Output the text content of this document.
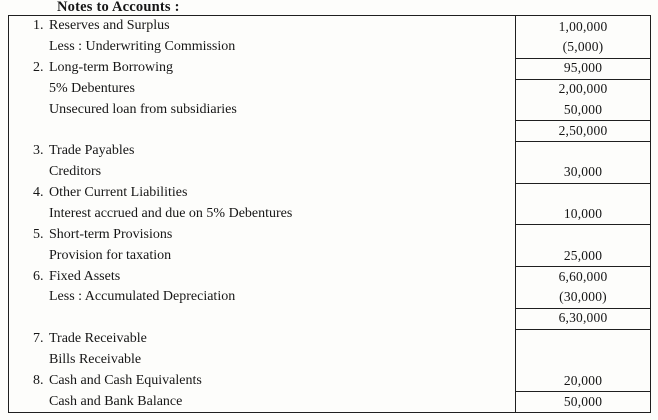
Notes to Accounts :
1. Reserves and Surplus	1,00,000
Less : Underwriting Commission	(5,000)
2. Long-term Borrowing	95,000
5% Debentures	2,00,000
Unsecured loan from subsidiaries	50,000
2,50,000
3. Trade Payables
Creditors	30,000
4. Other Current Liabilities
Interest accrued and due on 5% Debentures	10,000
5. Short-term Provisions
Provision for taxation	25,000
6. Fixed Assets	6,60,000
Less : Accumulated Depreciation	(30,000)
6,30,000
7. Trade Receivable
Bills Receivable
8. Cash and Cash Equivalents	20,000
Cash and Bank Balance	50,000
